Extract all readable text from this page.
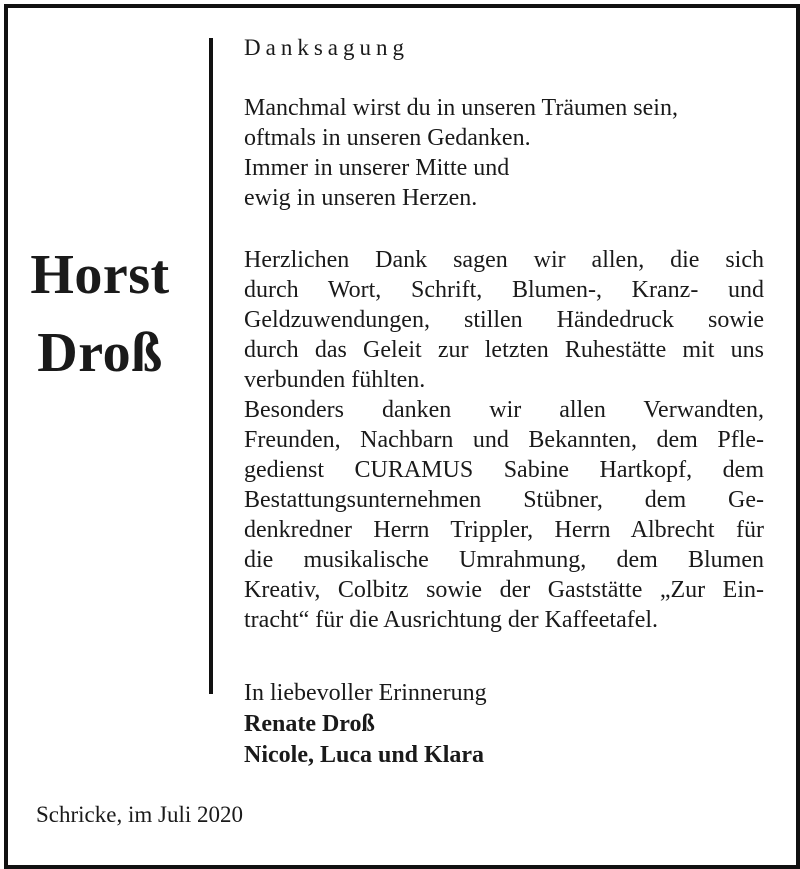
Horst
Droß
Danksagung
Manchmal wirst du in unseren Träumen sein,
oftmals in unseren Gedanken.
Immer in unserer Mitte und
ewig in unseren Herzen.
Herzlichen Dank sagen wir allen, die sich
durch Wort, Schrift, Blumen-, Kranz- und
Geldzuwendungen, stillen Händedruck sowie
durch das Geleit zur letzten Ruhestätte mit uns
verbunden fühlten.
Besonders danken wir allen Verwandten,
Freunden, Nachbarn und Bekannten, dem Pfle-
gedienst CURAMUS Sabine Hartkopf, dem
Bestattungsunternehmen Stübner, dem Ge-
denkredner Herrn Trippler, Herrn Albrecht für
die musikalische Umrahmung, dem Blumen
Kreativ, Colbitz sowie der Gaststätte „Zur Ein-
tracht“ für die Ausrichtung der Kaffeetafel.
In liebevoller Erinnerung
Renate Droß
Nicole, Luca und Klara
Schricke, im Juli 2020
